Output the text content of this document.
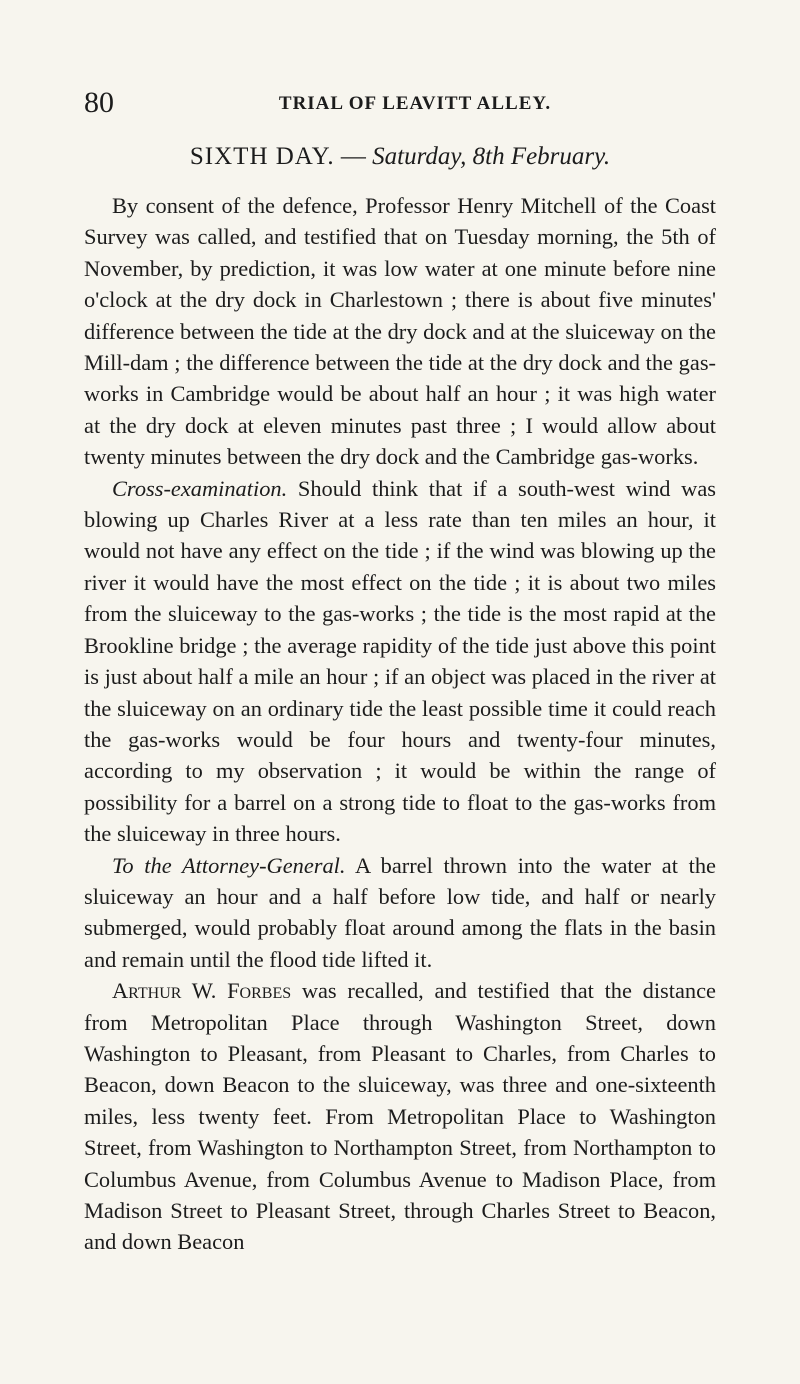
80	TRIAL OF LEAVITT ALLEY.
SIXTH DAY. — Saturday, 8th February.

By consent of the defence, Professor Henry Mitchell of the Coast Survey was called, and testified that on Tuesday morning, the 5th of November, by prediction, it was low water at one minute before nine o'clock at the dry dock in Charlestown ; there is about five minutes' difference between the tide at the dry dock and at the sluiceway on the Mill-dam ; the difference between the tide at the dry dock and the gas-works in Cambridge would be about half an hour ; it was high water at the dry dock at eleven minutes past three ; I would allow about twenty minutes between the dry dock and the Cambridge gas-works.

Cross-examination. Should think that if a south-west wind was blowing up Charles River at a less rate than ten miles an hour, it would not have any effect on the tide ; if the wind was blowing up the river it would have the most effect on the tide ; it is about two miles from the sluiceway to the gas-works ; the tide is the most rapid at the Brookline bridge ; the average rapidity of the tide just above this point is just about half a mile an hour ; if an object was placed in the river at the sluiceway on an ordinary tide the least possible time it could reach the gas-works would be four hours and twenty-four minutes, according to my observation ; it would be within the range of possibility for a barrel on a strong tide to float to the gas-works from the sluiceway in three hours.

To the Attorney-General. A barrel thrown into the water at the sluiceway an hour and a half before low tide, and half or nearly submerged, would probably float around among the flats in the basin and remain until the flood tide lifted it.

Arthur W. Forbes was recalled, and testified that the distance from Metropolitan Place through Washington Street, down Washington to Pleasant, from Pleasant to Charles, from Charles to Beacon, down Beacon to the sluiceway, was three and one-sixteenth miles, less twenty feet. From Metropolitan Place to Washington Street, from Washington to Northampton Street, from Northampton to Columbus Avenue, from Columbus Avenue to Madison Place, from Madison Street to Pleasant Street, through Charles Street to Beacon, and down Beacon
